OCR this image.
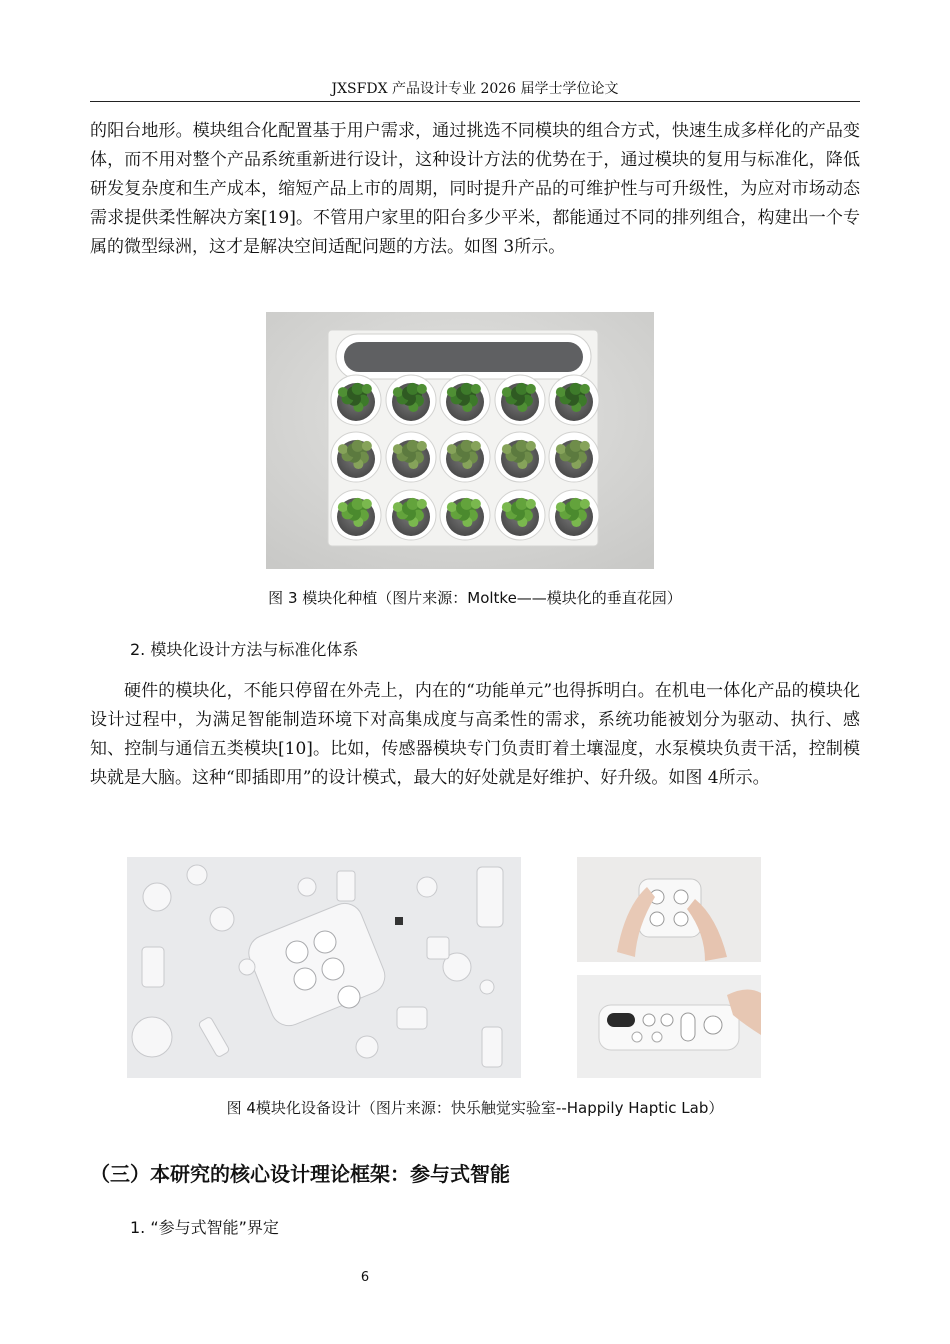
JXSFDX 产品设计专业 2026 届学士学位论文

的阳台地形。模块组合化配置基于用户需求，通过挑选不同模块的组合方式，快速生成多样化的产品变体，而不用对整个产品系统重新进行设计，这种设计方法的优势在于，通过模块的复用与标准化，降低研发复杂度和生产成本，缩短产品上市的周期，同时提升产品的可维护性与可升级性，为应对市场动态需求提供柔性解决方案[19]。不管用户家里的阳台多少平米，都能通过不同的排列组合，构建出一个专属的微型绿洲，这才是解决空间适配问题的方法。如图 3所示。

图 3 模块化种植（图片来源：Moltke——模块化的垂直花园）
2. 模块化设计方法与标准化体系

硬件的模块化，不能只停留在外壳上，内在的“功能单元”也得拆明白。在机电一体化产品的模块化设计过程中，为满足智能制造环境下对高集成度与高柔性的需求，系统功能被划分为驱动、执行、感知、控制与通信五类模块[10]。比如，传感器模块专门负责盯着土壤湿度，水泵模块负责干活，控制模块就是大脑。这种“即插即用”的设计模式，最大的好处就是好维护、好升级。如图 4所示。

图 4模块化设备设计（图片来源：快乐触觉实验室--Happily Haptic Lab）
（三）本研究的核心设计理论框架：参与式智能
1. “参与式智能”界定
6
